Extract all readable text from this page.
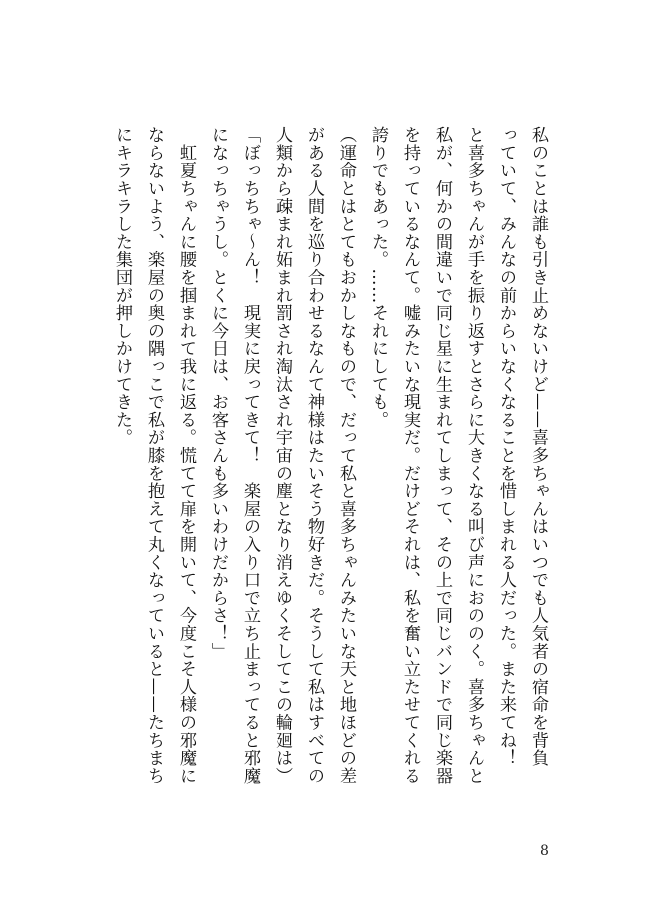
私のことは誰も引き止めないけど——喜多ちゃんはいつでも人気者の宿命を背負

っていて、みんなの前からいなくなることを惜しまれる人だった。また来てね！

と喜多ちゃんが手を振り返すとさらに大きくなる叫び声におののく。喜多ちゃんと

私が、何かの間違いで同じ星に生まれてしまって、その上で同じバンドで同じ楽器

を持っているなんて。嘘みたいな現実だ。だけどそれは、私を奮い立たせてくれる

誇りでもあった。……それにしても。

（運命とはとてもおかしなもので、だって私と喜多ちゃんみたいな天と地ほどの差

がある人間を巡り合わせるなんて神様はたいそう物好きだ。そうして私はすべての

人類から疎まれ妬まれ罰され淘汰され宇宙の塵となり消えゆくそしてこの輪廻は）

「ぼっちちゃ〜ん！　現実に戻ってきて！　楽屋の入り口で立ち止まってると邪魔

になっちゃうし。とくに今日は、お客さんも多いわけだからさ！」

　虹夏ちゃんに腰を掴まれて我に返る。慌てて扉を開いて、今度こそ人様の邪魔に

ならないよう、楽屋の奥の隅っこで私が膝を抱えて丸くなっていると——たちまち

にキラキラした集団が押しかけてきた。

8
